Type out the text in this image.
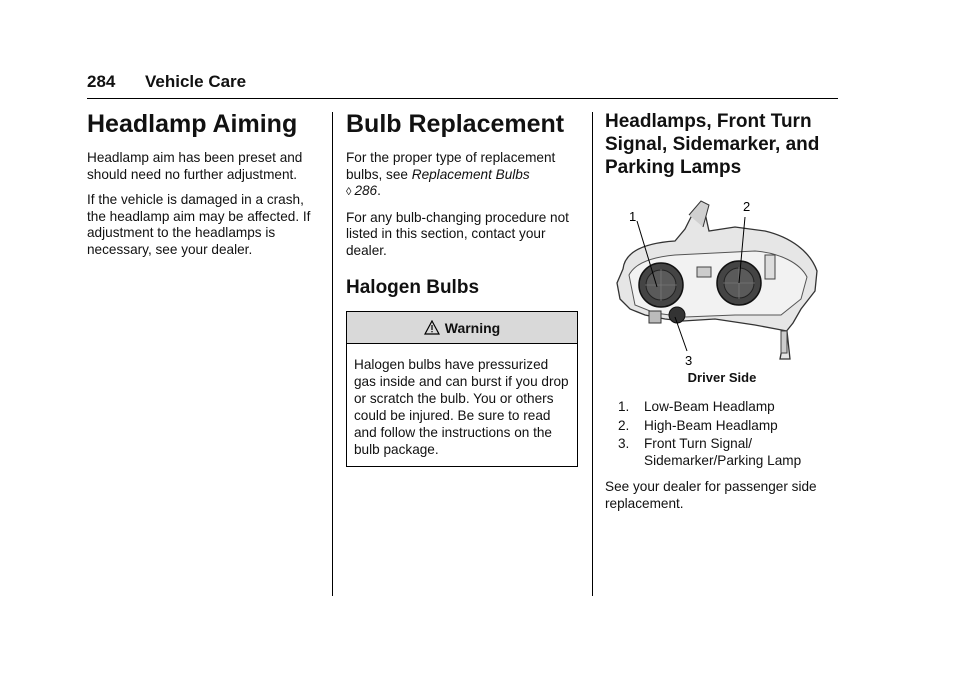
284 Vehicle Care
Headlamp Aiming

Headlamp aim has been preset and should need no further adjustment.

If the vehicle is damaged in a crash, the headlamp aim may be affected. If adjustment to the headlamps is necessary, see your dealer.

Bulb Replacement

For the proper type of replacement bulbs, see Replacement Bulbs
◊ 286.

For any bulb-changing procedure not listed in this section, contact your dealer.

Halogen Bulbs
Warning
Halogen bulbs have pressurized gas inside and can burst if you drop or scratch the bulb. You or others could be injured. Be sure to read and follow the instructions on the bulb package.
Headlamps, Front Turn
Signal, Sidemarker, and
Parking Lamps
1
2
3
Driver Side
1.	Low-Beam Headlamp
2.	High-Beam Headlamp
3.	Front Turn Signal/ Sidemarker/Parking Lamp

See your dealer for passenger side replacement.
